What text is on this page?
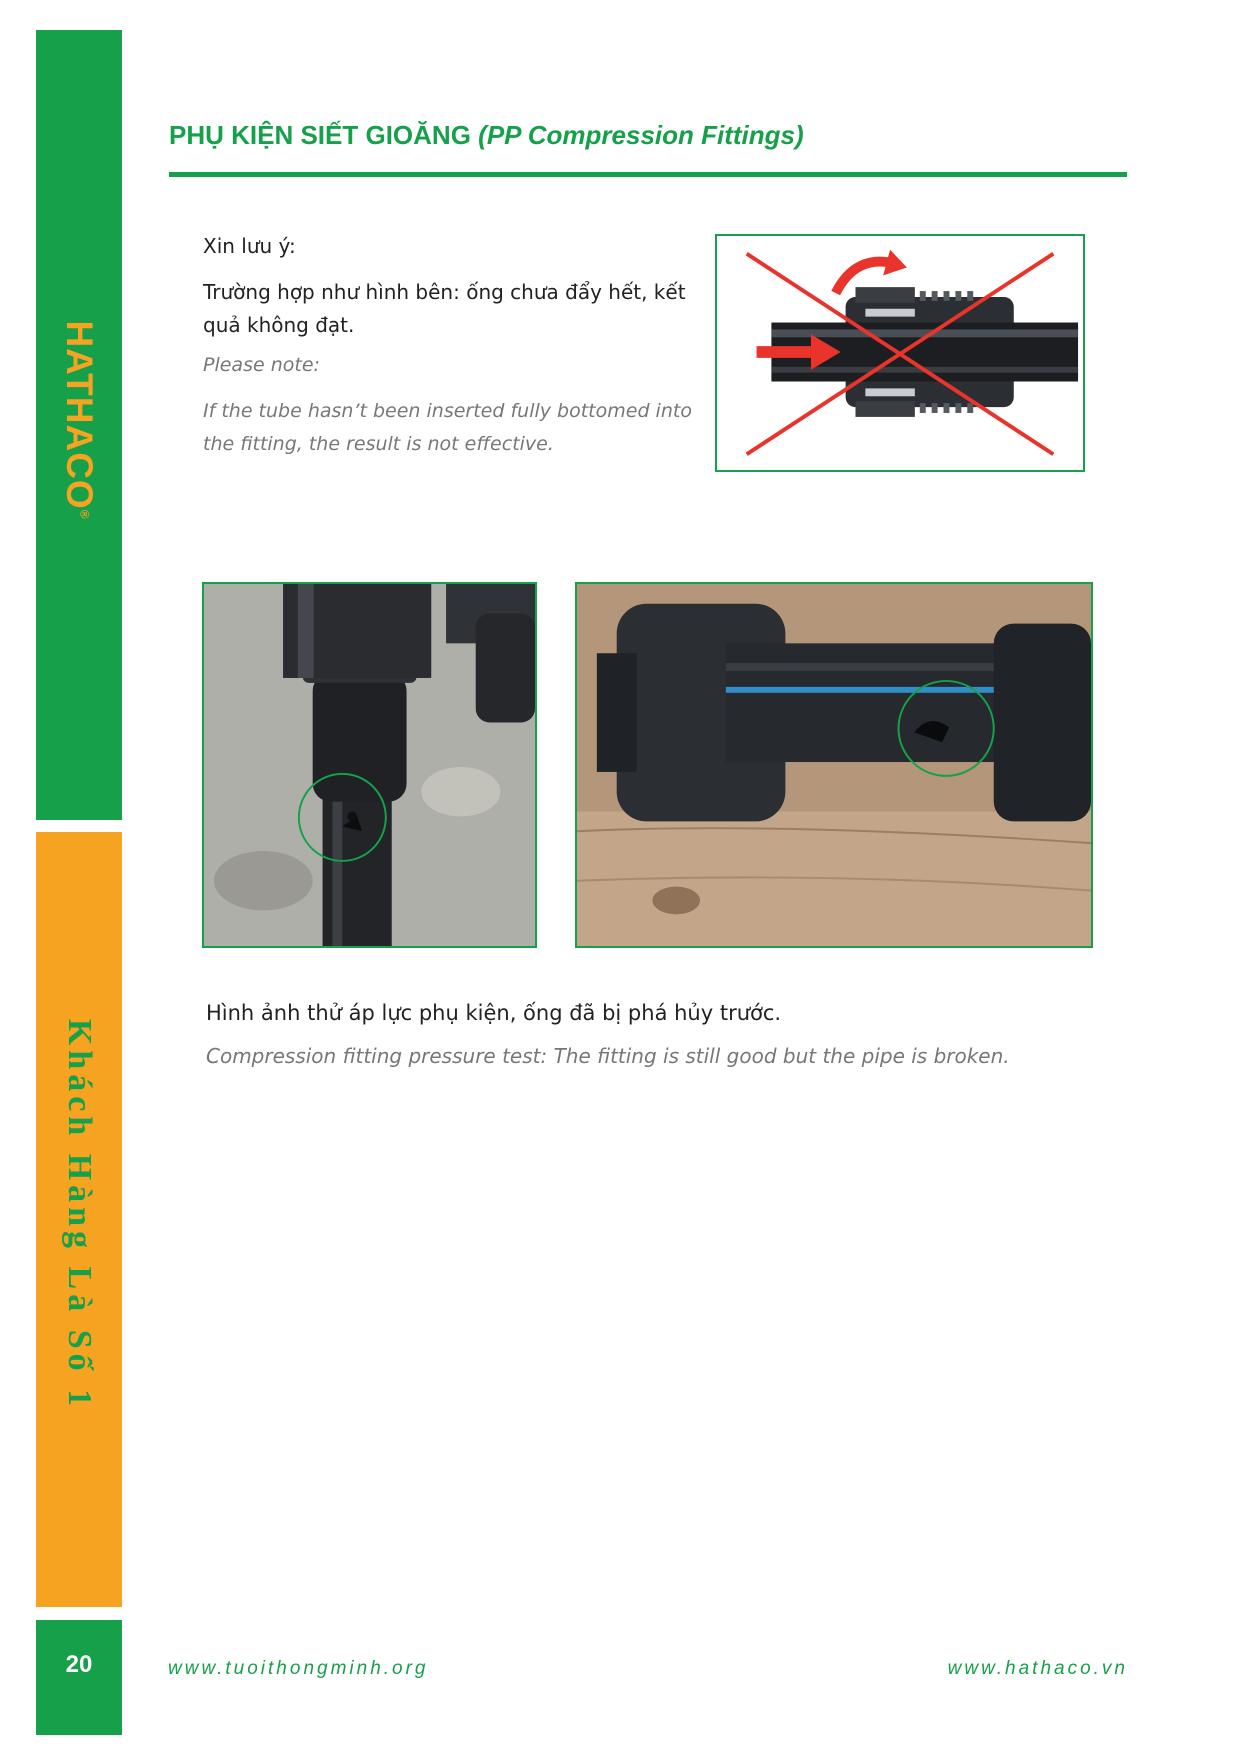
HATHACO®
Khách Hàng Là Số 1
20
PHỤ KIỆN SIẾT GIOĂNG (PP Compression Fittings)
Xin lưu ý:
Trường hợp như hình bên: ống chưa đẩy hết, kết quả không đạt.
Please note:
If the tube hasn’t been inserted fully bottomed into the fitting, the result is not effective.
Hình ảnh thử áp lực phụ kiện, ống đã bị phá hủy trước.
Compression fitting pressure test: The fitting is still good but the pipe is broken.
www.tuoithongminh.org	www.hathaco.vn
